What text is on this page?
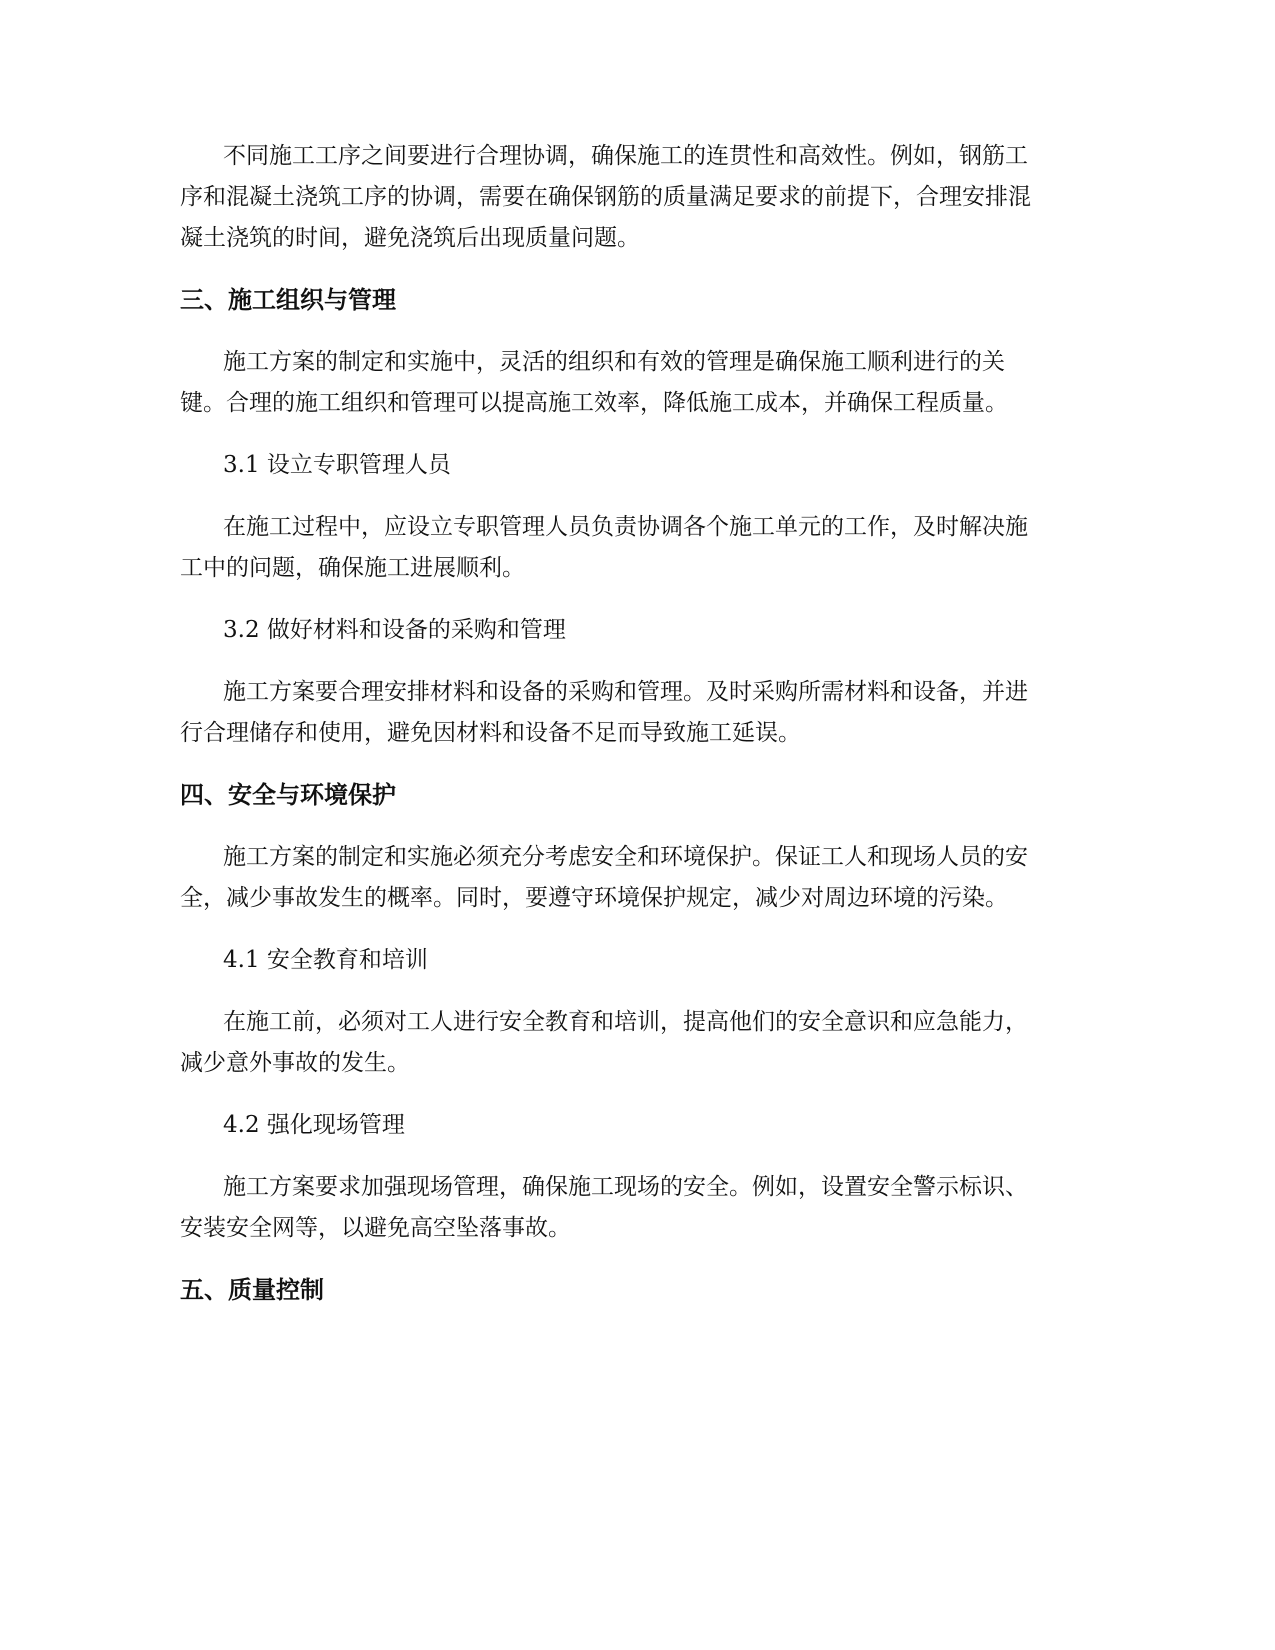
不同施工工序之间要进行合理协调，确保施工的连贯性和高效性。例如，钢筋工序和混凝土浇筑工序的协调，需要在确保钢筋的质量满足要求的前提下，合理安排混凝土浇筑的时间，避免浇筑后出现质量问题。

三、施工组织与管理

施工方案的制定和实施中，灵活的组织和有效的管理是确保施工顺利进行的关键。合理的施工组织和管理可以提高施工效率，降低施工成本，并确保工程质量。

3.1 设立专职管理人员

在施工过程中，应设立专职管理人员负责协调各个施工单元的工作，及时解决施工中的问题，确保施工进展顺利。

3.2 做好材料和设备的采购和管理

施工方案要合理安排材料和设备的采购和管理。及时采购所需材料和设备，并进行合理储存和使用，避免因材料和设备不足而导致施工延误。

四、安全与环境保护

施工方案的制定和实施必须充分考虑安全和环境保护。保证工人和现场人员的安全，减少事故发生的概率。同时，要遵守环境保护规定，减少对周边环境的污染。

4.1 安全教育和培训

在施工前，必须对工人进行安全教育和培训，提高他们的安全意识和应急能力，减少意外事故的发生。

4.2 强化现场管理

施工方案要求加强现场管理，确保施工现场的安全。例如，设置安全警示标识、安装安全网等，以避免高空坠落事故。

五、质量控制
